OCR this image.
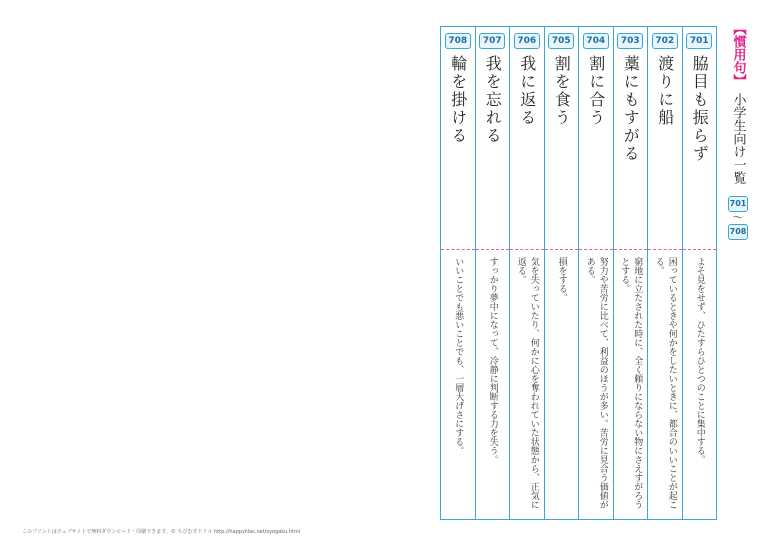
701
脇目も振らず
よそ見をせず、ひたすらひとつのことに集中する。
702
渡りに船
困っているときや何かをしたいときに、都合のいいことが起こる。
703
藁にもすがる
窮地に立たされた時に、全く頼りにならない物にさえすがろうとする。
704
割に合う
努力や苦労に比べて、利益のほうが多い。苦労に見合う価値がある。
705
割を食う
損をする。
706
我に返る
気を失っていたり、何かに心を奪われていた状態から、正気に返る。
707
我を忘れる
すっかり夢中になって、冷静に判断する力を失う。
708
輪を掛ける
いいことでも悪いことでも、一層大げさにする。
【慣用句】
小学生向け一覧
701
〜
708
このプリントはウェブサイトで無料ダウンロード・印刷できます。© ちびむすドリル http://happylilac.net/syogaku.html
